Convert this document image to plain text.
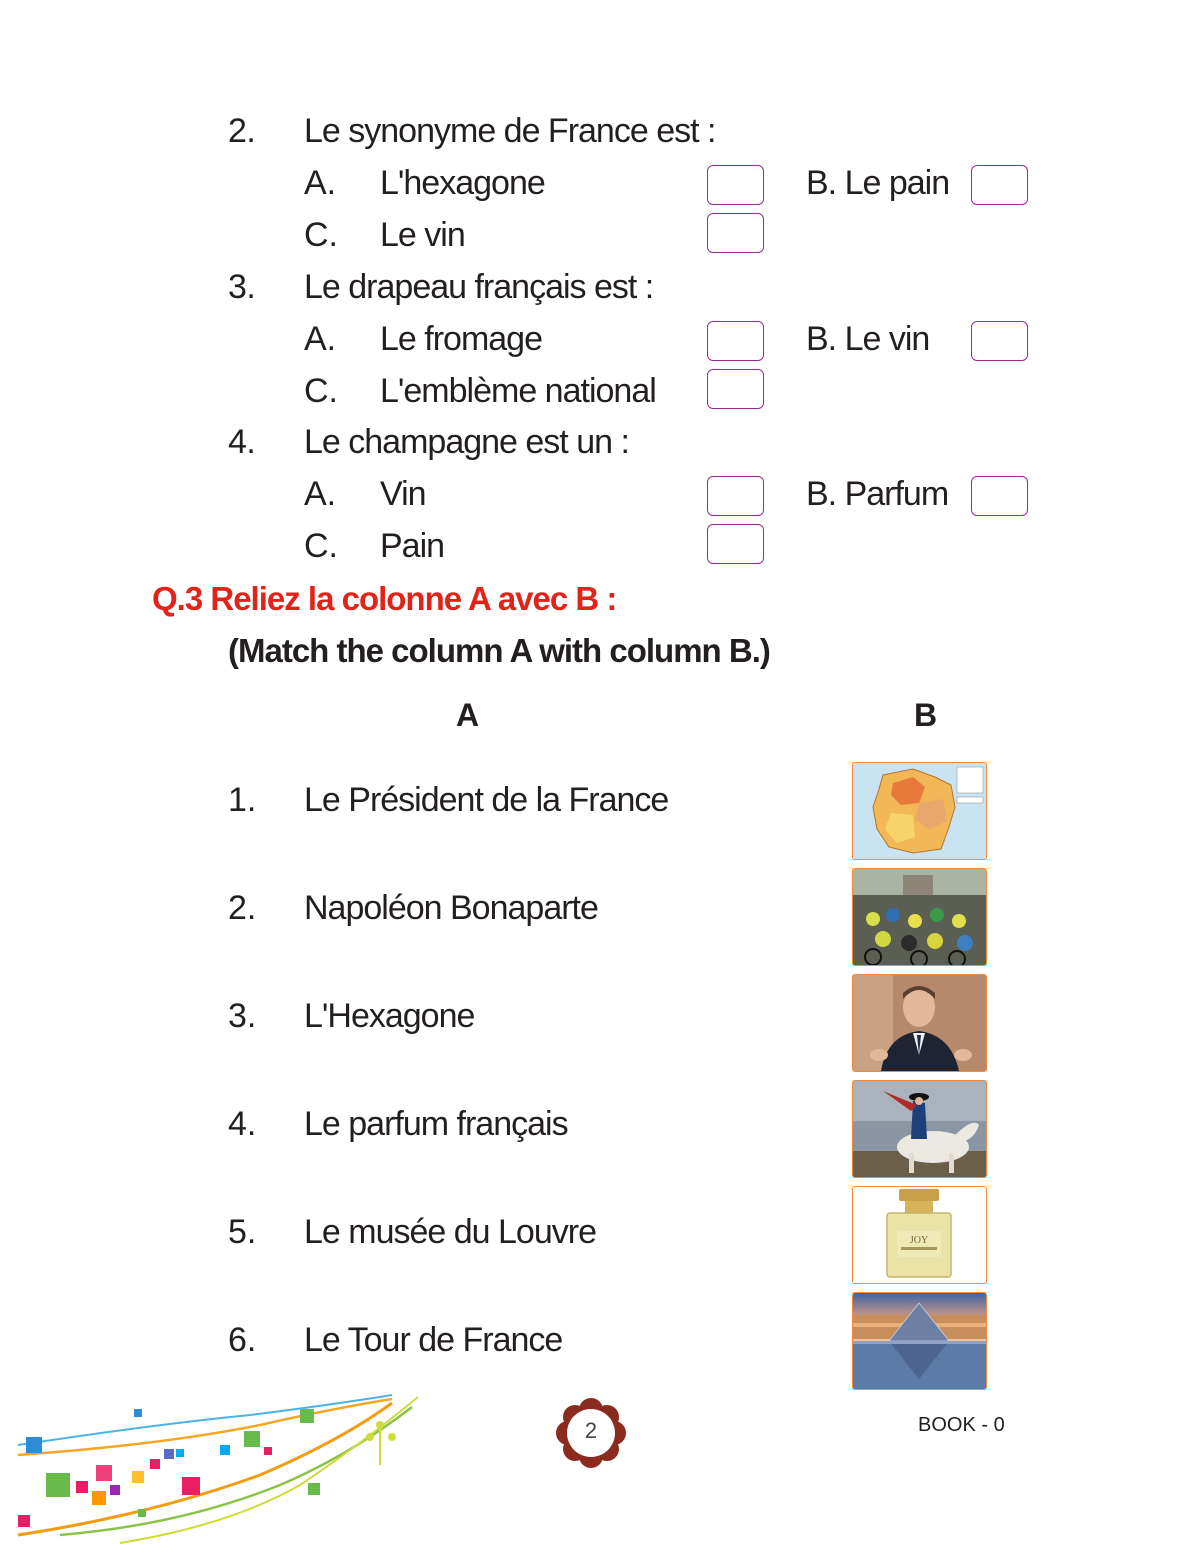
2. Le synonyme de France est :
A. L'hexagone	B. Le pain
C. Le vin
3. Le drapeau français est :
A. Le fromage	B. Le vin
C. L'emblème national
4. Le champagne est un :
A. Vin	B. Parfum
C. Pain
Q.3 Reliez la colonne A avec B :
(Match the column A with column B.)
A	B
1. Le Président de la France
2. Napoléon Bonaparte
3. L'Hexagone
4. Le parfum français
5. Le musée du Louvre
6. Le Tour de France
JOY
2	BOOK - 0
